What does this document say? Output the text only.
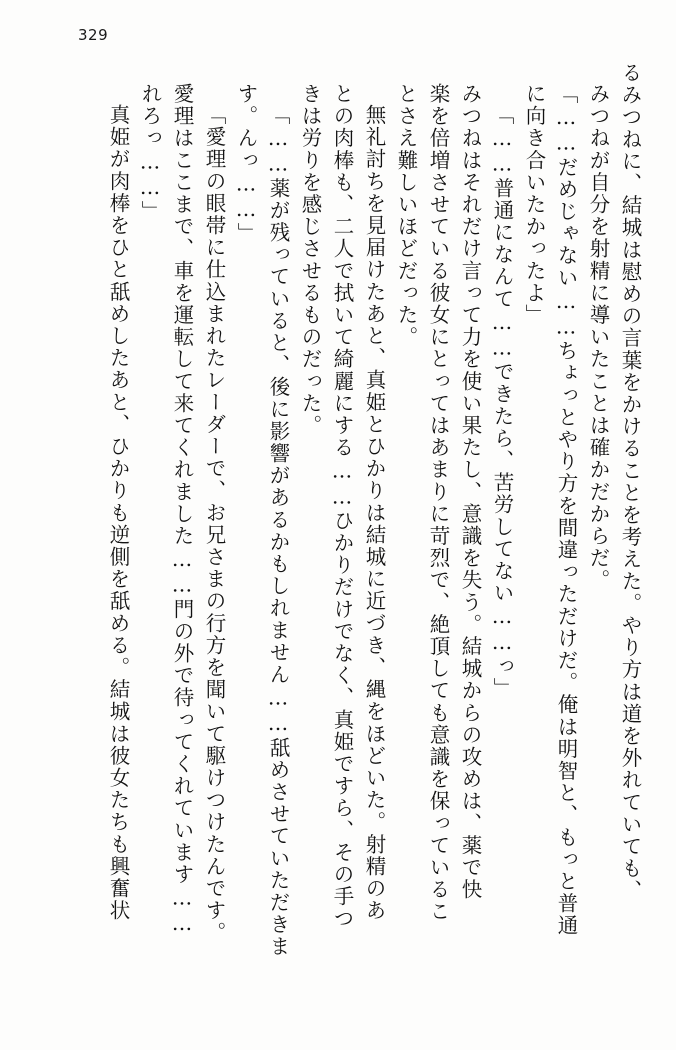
329
るみつねに、結城は慰めの言葉をかけることを考えた。やり方は道を外れていても、
みつねが自分を射精に導いたことは確かだからだ。
「……だめじゃない……ちょっとやり方を間違っただけだ。俺は明智と、もっと普通
に向き合いたかったよ」
「……普通になんて……できたら、苦労してない……っ」
みつねはそれだけ言って力を使い果たし、意識を失う。結城からの攻めは、薬で快
楽を倍増させている彼女にとってはあまりに苛烈で、絶頂しても意識を保っているこ
とさえ難しいほどだった。
無礼討ちを見届けたあと、真姫とひかりは結城に近づき、縄をほどいた。射精のあ
との肉棒も、二人で拭いて綺麗にする……ひかりだけでなく、真姫ですら、その手つ
きは労りを感じさせるものだった。
「……薬が残っていると、後に影響があるかもしれません……舐めさせていただきま
す。んっ……」
「愛理の眼帯に仕込まれたレーダーで、お兄さまの行方を聞いて駆けつけたんです。
愛理はここまで、車を運転して来てくれました……門の外で待ってくれています……
れろっ……」
真姫が肉棒をひと舐めしたあと、ひかりも逆側を舐める。結城は彼女たちも興奮状
